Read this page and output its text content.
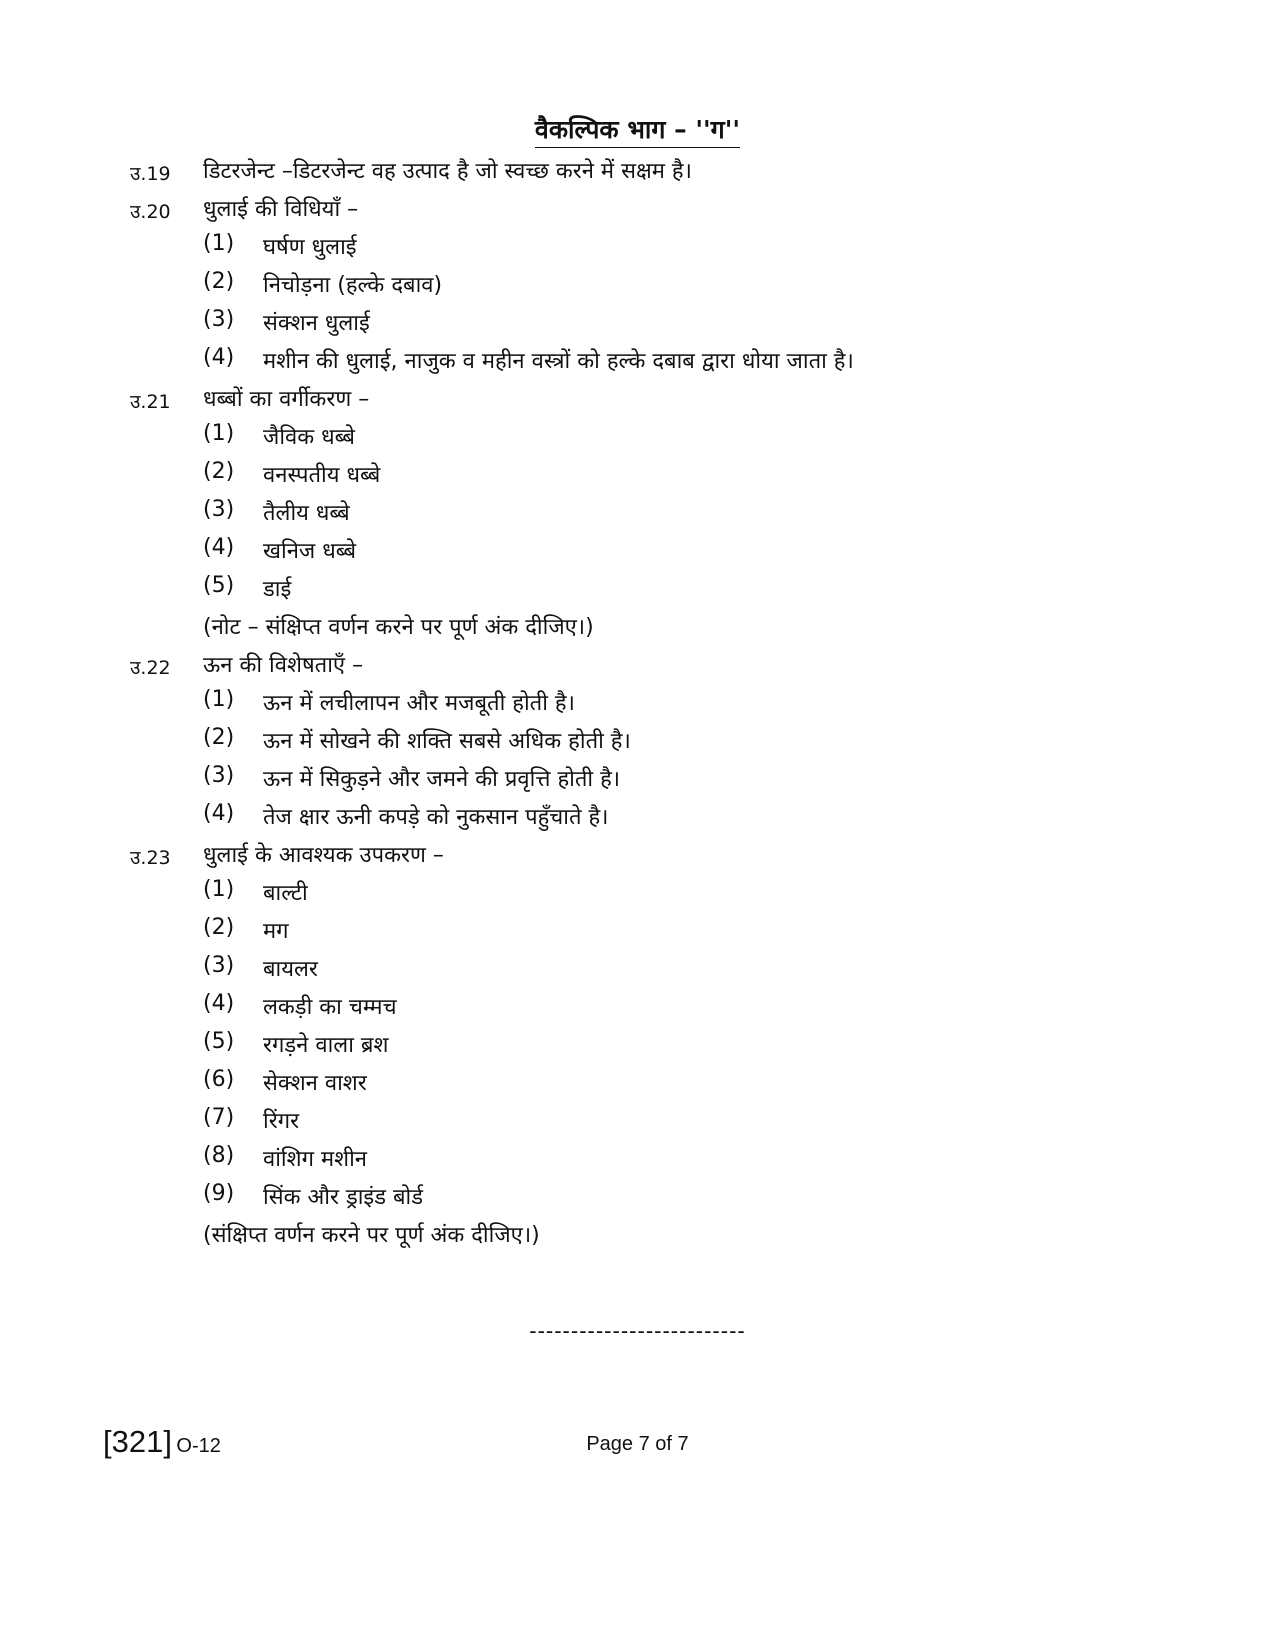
वैकल्पिक भाग – ''ग''
उ.19 डिटरजेन्ट –डिटरजेन्ट वह उत्पाद है जो स्वच्छ करने में सक्षम है।
उ.20 धुलाई की विधियाँ –
(1) घर्षण धुलाई
(2) निचोड़ना (हल्के दबाव)
(3) संक्शन धुलाई
(4) मशीन की धुलाई, नाजुक व महीन वस्त्रों को हल्के दबाब द्वारा धोया जाता है।
उ.21 धब्बों का वर्गीकरण –
(1) जैविक धब्बे
(2) वनस्पतीय धब्बे
(3) तैलीय धब्बे
(4) खनिज धब्बे
(5) डाई
(नोट – संक्षिप्त वर्णन करने पर पूर्ण अंक दीजिए।)
उ.22 ऊन की विशेषताएँ –
(1) ऊन में लचीलापन और मजबूती होती है।
(2) ऊन में सोखने की शक्ति सबसे अधिक होती है।
(3) ऊन में सिकुड़ने और जमने की प्रवृत्ति होती है।
(4) तेज क्षार ऊनी कपड़े को नुकसान पहुँचाते है।
उ.23 धुलाई के आवश्यक उपकरण –
(1) बाल्टी
(2) मग
(3) बायलर
(4) लकड़ी का चम्मच
(5) रगड़ने वाला ब्रश
(6) सेक्शन वाशर
(7) रिंगर
(8) वांशिग मशीन
(9) सिंक और ड्राइंड बोर्ड
(संक्षिप्त वर्णन करने पर पूर्ण अंक दीजिए।)
--------------------------
[321] O-12	Page 7 of 7
